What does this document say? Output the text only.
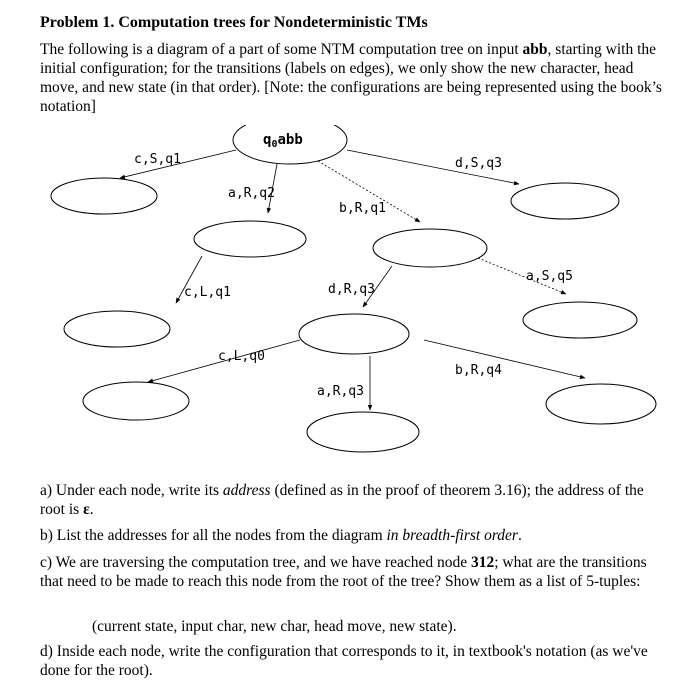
Problem 1. Computation trees for Nondeterministic TMs

The following is a diagram of a part of some NTM computation tree on input abb, starting with the initial configuration; for the transitions (labels on edges), we only show the new character, head move, and new state (in that order). [Note: the configurations are being represented using the book’s notation]

$q_0abb$
c,S,q1
a,R,q2
b,R,q1
d,S,q3
c,L,q1	d,R,q3
a,S,q5
c,L,q0
a,R,q3
b,R,q4

a) Under each node, write its address (defined as in the proof of theorem 3.16); the address of the root is ε.

b) List the addresses for all the nodes from the diagram in breadth-first order.

c) We are traversing the computation tree, and we have reached node 312; what are the transitions that need to be made to reach this node from the root of the tree? Show them as a list of 5-tuples:

(current state, input char, new char, head move, new state).

d) Inside each node, write the configuration that corresponds to it, in textbook's notation (as we've done for the root).
